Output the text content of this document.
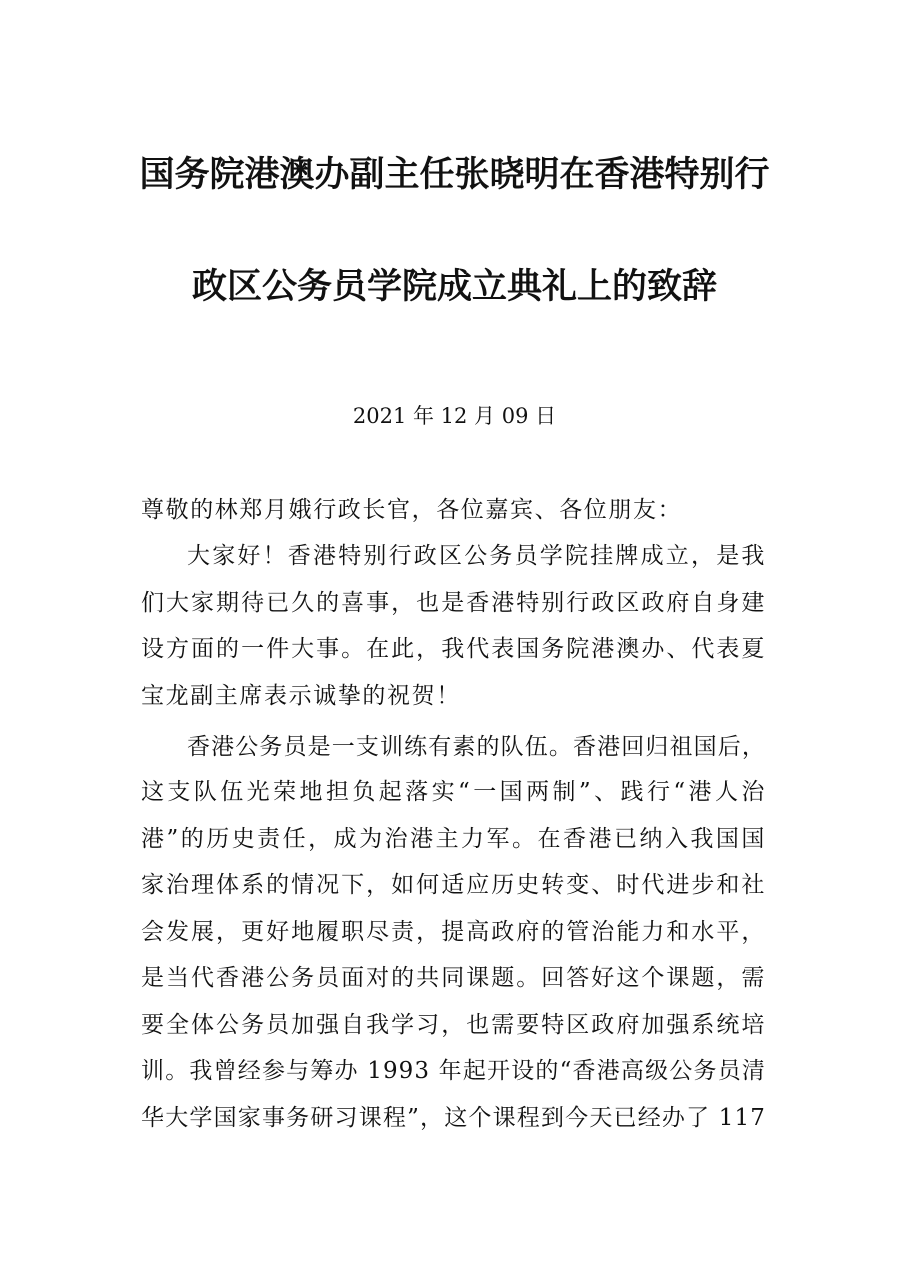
国务院港澳办副主任张晓明在香港特别行
政区公务员学院成立典礼上的致辞
2021 年 12 月 09 日
尊敬的林郑月娥行政长官，各位嘉宾、各位朋友：
大家好！香港特别行政区公务员学院挂牌成立，是我
们大家期待已久的喜事，也是香港特别行政区政府自身建
设方面的一件大事。在此，我代表国务院港澳办、代表夏
宝龙副主席表示诚挚的祝贺！
香港公务员是一支训练有素的队伍。香港回归祖国后，
这支队伍光荣地担负起落实“一国两制”、践行“港人治
港”的历史责任，成为治港主力军。在香港已纳入我国国
家治理体系的情况下，如何适应历史转变、时代进步和社
会发展，更好地履职尽责，提高政府的管治能力和水平，
是当代香港公务员面对的共同课题。回答好这个课题，需
要全体公务员加强自我学习，也需要特区政府加强系统培
训。我曾经参与筹办 1993 年起开设的“香港高级公务员清
华大学国家事务研习课程”，这个课程到今天已经办了 117
